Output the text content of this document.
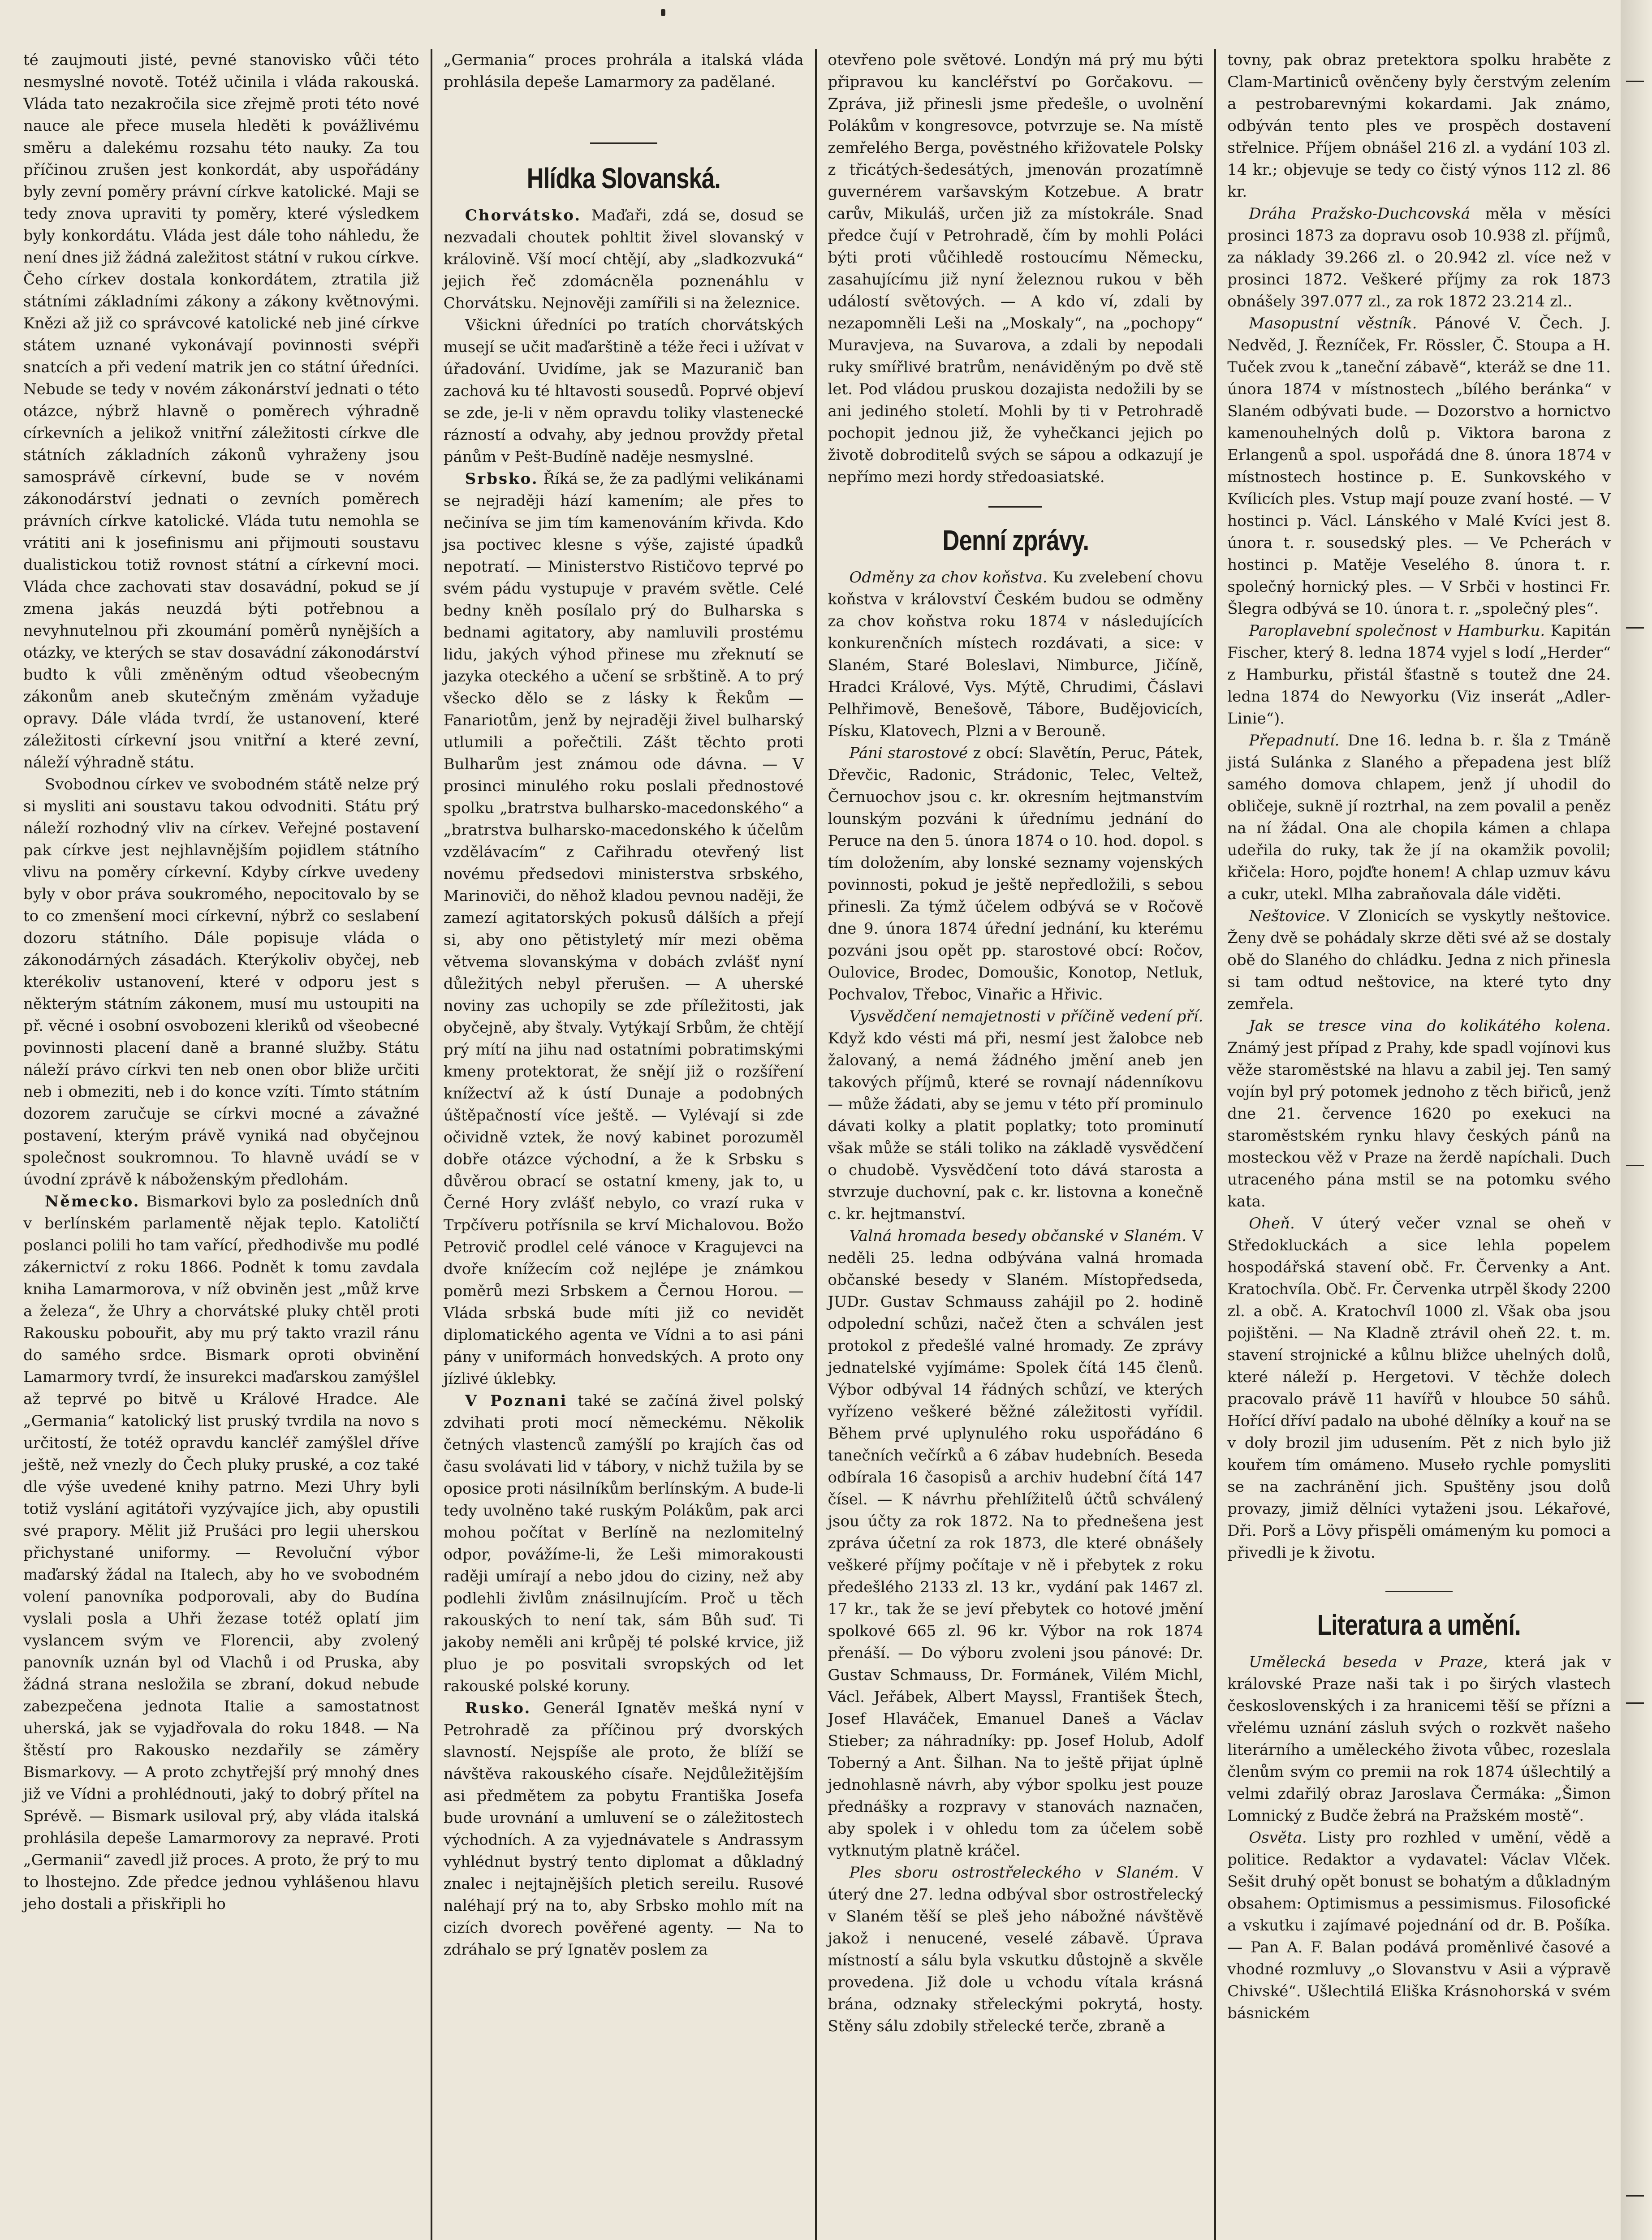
té zaujmouti jisté, pevné stanovisko vůči této nesmyslné novotě. Totéž učinila i vláda rakouská. Vláda tato nezakročila sice zřejmě proti této nové nauce ale přece musela hleděti k povážlivému směru a dalekému rozsahu této nauky. Za tou příčinou zrušen jest konkordát, aby uspořádány byly zevní poměry právní církve katolické. Maji se tedy znova upraviti ty poměry, které výsledkem byly konkordátu. Vláda jest dále toho náhledu, že není dnes již žádná zaležitost státní v rukou církve. Čeho církev dostala konkordátem, ztratila již státními základními zákony a zákony květnovými. Knězi až již co správcové katolické neb jiné církve státem uznané vykonávají povinnosti svépři snatcích a při vedení matrik jen co státní úředníci. Nebude se tedy v novém zákonárství jednati o této otázce, nýbrž hlavně o poměrech výhradně církevních a jelikož vnitřní záležitosti církve dle státních základních zákonů vyhraženy jsou samosprávě církevní, bude se v novém zákonodárství jednati o zevních poměrech právních církve katolické. Vláda tutu nemohla se vrátiti ani k josefinismu ani přijmouti soustavu dualistickou totiž rovnost státní a církevní moci. Vláda chce zachovati stav dosavádní, pokud se jí zmena jakás neuzdá býti potřebnou a nevyhnutelnou při zkoumání poměrů nynějších a otázky, ve kterých se stav dosavádní zákonodárství budto k vůli změněným odtud všeobecným zákonům aneb skutečným změnám vyžaduje opravy. Dále vláda tvrdí, že ustanovení, které záležitosti církevní jsou vnitřní a které zevní, náleží výhradně státu.

Svobodnou církev ve svobodném státě nelze prý si mysliti ani soustavu takou odvodniti. Státu prý náleží rozhodný vliv na církev. Veřejné postavení pak církve jest nejhlavnějším pojidlem státního vlivu na poměry církevní. Kdyby církve uvedeny byly v obor práva soukromého, nepocitovalo by se to co zmenšení moci církevní, nýbrž co seslabení dozoru státního. Dále popisuje vláda o zákonodárných zásadách. Kterýkoliv obyčej, neb kterékoliv ustanovení, které v odporu jest s některým státním zákonem, musí mu ustoupiti na př. věcné i osobní osvobozeni kleriků od všeobecné povinnosti placení daně a branné služby. Státu náleží právo církvi ten neb onen obor bliže určiti neb i obmeziti, neb i do konce vzíti. Tímto státním dozorem zaručuje se církvi mocné a závažné postavení, kterým právě vyniká nad obyčejnou společnost soukromnou. To hlavně uvádí se v úvodní zprávě k náboženským předlohám.

Německo. Bismarkovi bylo za posledních dnů v berlínském parlamentě nějak teplo. Katoličtí poslanci polili ho tam vařící, předhodivše mu podlé zákernictví z roku 1866. Podnět k tomu zavdala kniha Lamarmorova, v níž obviněn jest „můž krve a železa“, že Uhry a chorvátské pluky chtěl proti Rakousku pobouřit, aby mu prý takto vrazil ránu do samého srdce. Bismark oproti obvinění Lamarmory tvrdí, že insurekci maďarskou zamýšlel až teprvé po bitvě u Králové Hradce. Ale „Germania“ katolický list pruský tvrdila na novo s určitostí, že totéž opravdu kancléř zamýšlel dříve ještě, než vnezly do Čech pluky pruské, a coz také dle výše uvedené knihy patrno. Mezi Uhry byli totiž vyslání agitátoři vyzývajíce jich, aby opustili své prapory. Mělit již Prušáci pro legii uherskou přichystané uniformy. — Revoluční výbor maďarský žádal na Italech, aby ho ve svobodném volení panovníka podporovali, aby do Budína vyslali posla a Uhři žezase totéž oplatí jim vyslancem svým ve Florencii, aby zvolený panovník uznán byl od Vlachů i od Pruska, aby žádná strana nesložila se zbraní, dokud nebude zabezpečena jednota Italie a samostatnost uherská, jak se vyjadřovala do roku 1848. — Na štěstí pro Rakousko nezdařily se záměry Bismarkovy. — A proto zchytřejší prý mnohý dnes již ve Vídni a prohlédnouti, jaký to dobrý přítel na Sprévě. — Bismark usiloval prý, aby vláda italská prohlásila depeše Lamarmorovy za nepravé. Proti „Germanii“ zavedl již proces. A proto, že prý to mu to lhostejno. Zde předce jednou vyhlášenou hlavu jeho dostali a přiskřipli ho

„Germania“ proces prohrála a italská vláda prohlásila depeše Lamarmory za padělané.

Hlídka Slovanská.

Chorvátsko. Maďaři, zdá se, dosud se nezvadali choutek pohltit živel slovanský v královině. Vší mocí chtějí, aby „sladkozvuká“ jejich řeč zdomácněla poznenáhlu v Chorvátsku. Nejnověji zamířili si na železnice.

Všickni úředníci po tratích chorvátských musejí se učit maďarštině a téže řeci i užívat v úřadování. Uvidíme, jak se Mazuranič ban zachová ku té hltavosti sousedů. Poprvé objeví se zde, je-li v něm opravdu toliky vlastenecké rázností a odvahy, aby jednou provždy přetal pánům v Pešt-Budíně naděje nesmyslné.

Srbsko. Říká se, že za padlými velikánami se nejraději hází kamením; ale přes to nečiníva se jim tím kamenováním křivda. Kdo jsa poctivec klesne s výše, zajisté úpadků nepotratí. — Ministerstvo Rističovo teprvé po svém pádu vystupuje v pravém světle. Celé bedny kněh posílalo prý do Bulharska s bednami agitatory, aby namluvili prostému lidu, jakých výhod přinese mu zřeknutí se jazyka oteckého a učení se srbštině. A to prý všecko dělo se z lásky k Řekům — Fanariotům, jenž by nejraději živel bulharský utlumili a pořečtili. Zášt těchto proti Bulharům jest známou ode dávna. — V prosinci minulého roku poslali přednostové spolku „bratrstva bulharsko-macedonského“ a „bratrstva bulharsko-macedonského k účelům vzdělávacím“ z Cařihradu otevřený list novému předsedovi ministerstva srbského, Marinoviči, do něhož kladou pevnou naději, že zamezí agitatorských pokusů dálších a přejí si, aby ono pětistyletý mír mezi oběma větvema slovanskýma v dobách zvlášť nyní důležitých nebyl přerušen. — A uherské noviny zas uchopily se zde příležitosti, jak obyčejně, aby štvaly. Vytýkají Srbům, že chtějí prý mítí na jihu nad ostatními pobratimskými kmeny protektorat, že snějí již o rozšíření knížectví až k ústí Dunaje a podobných úštěpačností více ještě. — Vylévají si zde očividně vztek, že nový kabinet porozuměl dobře otázce východní, a že k Srbsku s důvěrou obrací se ostatní kmeny, jak to, u Černé Hory zvlášť nebylo, co vrazí ruka v Trpčíveru potřísnila se krví Michalovou. Božo Petrovič prodlel celé vánoce v Kragujevci na dvoře knížecím což nejlépe je známkou poměrů mezi Srbskem a Černou Horou. — Vláda srbská bude míti již co nevidět diplomatického agenta ve Vídni a to asi páni pány v uniformách honvedských. A proto ony jízlivé úklebky.

V Poznani také se začíná živel polský zdvihati proti mocí německému. Několik četných vlastenců zamýšlí po krajích čas od času svolávati lid v tábory, v nichž tužila by se oposice proti násilníkům berlínským. A bude-li tedy uvolněno také ruským Polákům, pak arci mohou počítat v Berlíně na nezlomitelný odpor, povážíme-li, že Leši mimorakousti raději umírají a nebo jdou do ciziny, než aby podlehli živlům znásilnujícím. Proč u těch rakouských to není tak, sám Bůh suď. Ti jakoby neměli ani krůpěj té polské krvice, již pluo je po posvitali svropských od let rakouské polské koruny.

Rusko. Generál Ignatěv mešká nyní v Petrohradě za příčinou prý dvorských slavností. Nejspíše ale proto, že blíží se návštěva rakouského císaře. Nejdůležitějším asi předmětem za pobytu Františka Josefa bude urovnání a umluvení se o záležitostech východních. A za vyjednávatele s Andrassym vyhlédnut bystrý tento diplomat a důkladný znalec i nejtajnějších pletich sereilu. Rusové naléhají prý na to, aby Srbsko mohlo mít na cizích dvorech pověřené agenty. — Na to zdráhalo se prý Ignatěv poslem za

otevřeno pole světové. Londýn má prý mu býti připravou ku kancléřství po Gorčakovu. — Zpráva, již přinesli jsme předešle, o uvolnění Polákům v kongresovce, potvrzuje se. Na místě zemřelého Berga, pověstného křižovatele Polsky z třicátých-šedesátých, jmenován prozatímně guvernérem varšavským Kotzebue. A bratr carův, Mikuláš, určen již za místokrále. Snad předce čují v Petrohradě, čím by mohli Poláci býti proti vůčihledě rostoucímu Německu, zasahujícímu již nyní železnou rukou v běh událostí světových. — A kdo ví, zdali by nezapomněli Leši na „Moskaly“, na „pochopy“ Muravjeva, na Suvarova, a zdali by nepodali ruky smířlivé bratrům, nenáviděným po dvě stě let. Pod vládou pruskou dozajista nedožili by se ani jediného století. Mohli by ti v Petrohradě pochopit jednou již, že vyhečkanci jejich po životě dobroditelů svých se sápou a odkazují je nepřímo mezi hordy středoasiatské.

Denní zprávy.

Odměny za chov koňstva. Ku zvelebení chovu koňstva v království Českém budou se odměny za chov koňstva roku 1874 v následujících konkurenčních místech rozdávati, a sice: v Slaném, Staré Boleslavi, Nimburce, Jičíně, Hradci Králové, Vys. Mýtě, Chrudimi, Čáslavi Pelhřimově, Benešově, Tábore, Budějovicích, Písku, Klatovech, Plzni a v Berouně.

Páni starostové z obcí: Slavětín, Peruc, Pátek, Dřevčic, Radonic, Strádonic, Telec, Veltež, Černuochov jsou c. kr. okresním hejtmanstvím lounským pozváni k úřednímu jednání do Peruce na den 5. února 1874 o 10. hod. dopol. s tím doložením, aby lonské seznamy vojenských povinnosti, pokud je ještě nepředložili, s sebou přinesli. Za týmž účelem odbývá se v Ročově dne 9. února 1874 úřední jednání, ku kterému pozváni jsou opět pp. starostové obcí: Ročov, Oulovice, Brodec, Domoušic, Konotop, Netluk, Pochvalov, Třeboc, Vinařic a Hřivic.

Vysvědčení nemajetnosti v příčině vedení pří. Když kdo vésti má při, nesmí jest žalobce neb žalovaný, a nemá žádného jmění aneb jen takových příjmů, které se rovnají nádenníkovu — může žádati, aby se jemu v této pří prominulo dávati kolky a platit poplatky; toto prominutí však může se stáli toliko na základě vysvědčení o chudobě. Vysvědčení toto dává starosta a stvrzuje duchovní, pak c. kr. listovna a konečně c. kr. hejtmanství.

Valná hromada besedy občanské v Slaném. V neděli 25. ledna odbývána valná hromada občanské besedy v Slaném. Místopředseda, JUDr. Gustav Schmauss zahájil po 2. hodině odpolední schůzi, načež čten a schválen jest protokol z předešlé valné hromady. Ze zprávy jednatelské vyjímáme: Spolek čítá 145 členů. Výbor odbýval 14 řádných schůzí, ve kterých vyřízeno veškeré běžné záležitosti vyřídil. Během prvé uplynulého roku uspořádáno 6 tanečních večírků a 6 zábav hudebních. Beseda odbírala 16 časopisů a archiv hudební čítá 147 čísel. — K návrhu přehlížitelů účtů schválený jsou účty za rok 1872. Na to přednešena jest zpráva účetní za rok 1873, dle které obnášely veškeré příjmy počítaje v ně i přebytek z roku předešlého 2133 zl. 13 kr., vydání pak 1467 zl. 17 kr., tak že se jeví přebytek co hotové jmění spolkové 665 zl. 96 kr. Výbor na rok 1874 přenáší. — Do výboru zvoleni jsou pánové: Dr. Gustav Schmauss, Dr. Formánek, Vilém Michl, Václ. Jeřábek, Albert Mayssl, František Štech, Josef Hlaváček, Emanuel Daneš a Václav Stieber; za náhradníky: pp. Josef Holub, Adolf Toberný a Ant. Šilhan. Na to ještě přijat úplně jednohlasně návrh, aby výbor spolku jest pouze přednášky a rozpravy v stanovách naznačen, aby spolek i v ohledu tom za účelem sobě vytknutým platně kráčel.

Ples sboru ostrostřeleckého v Slaném. V úterý dne 27. ledna odbýval sbor ostrostřelecký v Slaném těší se pleš jeho nábožné návštěvě jakož i nenucené, veselé zábavě. Úprava místností a sálu byla vskutku důstojně a skvěle provedena. Již dole u vchodu vítala krásná brána, odznaky střeleckými pokrytá, hosty. Stěny sálu zdobily střelecké terče, zbraně a

tovny, pak obraz pretektora spolku hraběte z Clam-Martiniců ověnčeny byly čerstvým zelením a pestrobarevnými kokardami. Jak známo, odbýván tento ples ve prospěch dostavení střelnice. Příjem obnášel 216 zl. a vydání 103 zl. 14 kr.; objevuje se tedy co čistý výnos 112 zl. 86 kr.

Dráha Pražsko-Duchcovská měla v měsíci prosinci 1873 za dopravu osob 10.938 zl. příjmů, za náklady 39.266 zl. o 20.942 zl. více než v prosinci 1872. Veškeré příjmy za rok 1873 obnášely 397.077 zl., za rok 1872 23.214 zl..

Masopustní věstník. Pánové V. Čech. J. Nedvěd, J. Řezníček, Fr. Rössler, Č. Stoupa a H. Tuček zvou k „taneční zábavě“, kteráž se dne 11. února 1874 v místnostech „bílého beránka“ v Slaném odbývati bude. — Dozorstvo a hornictvo kamenouhelných dolů p. Viktora barona z Erlangenů a spol. uspořádá dne 8. února 1874 v místnostech hostince p. E. Sunkovského v Kvílicích ples. Vstup mají pouze zvaní hosté. — V hostinci p. Václ. Lánského v Malé Kvíci jest 8. února t. r. sousedský ples. — Ve Pcherách v hostinci p. Matěje Veselého 8. února t. r. společný hornický ples. — V Srbči v hostinci Fr. Šlegra odbývá se 10. února t. r. „společný ples“.

Paroplavební společnost v Hamburku. Kapitán Fischer, který 8. ledna 1874 vyjel s lodí „Herder“ z Hamburku, přistál šťastně s toutež dne 24. ledna 1874 do Newyorku (Viz inserát „Adler-Linie“).

Přepadnutí. Dne 16. ledna b. r. šla z Tmáně jistá Sulánka z Slaného a přepadena jest blíž samého domova chlapem, jenž jí uhodil do obličeje, suknё jí roztrhal, na zem povalil a peněz na ní žádal. Ona ale chopila kámen a chlapa udeřila do ruky, tak že jí na okamžik povolil; křičela: Horo, pojďte honem! A chlap uzmuv kávu a cukr, utekl. Mlha zabraňovala dále viděti.

Neštovice. V Zlonicích se vyskytly neštovice. Ženy dvě se pohádaly skrze děti své až se dostaly obě do Slaného do chládku. Jedna z nich přinesla si tam odtud neštovice, na které tyto dny zemřela.

Jak se tresce vina do kolikátého kolena. Známý jest případ z Prahy, kde spadl vojínovi kus věže staroměstské na hlavu a zabil jej. Ten samý vojín byl prý potomek jednoho z těch biřiců, jenž dne 21. července 1620 po exekuci na staroměstském rynku hlavy českých pánů na mosteckou věž v Praze na žerdě napíchali. Duch utraceného pána mstil se na potomku svého kata.

Oheň. V úterý večer vznal se oheň v Středokluckách a sice lehla popelem hospodářská stavení obč. Fr. Červenky a Ant. Kratochvíla. Obč. Fr. Červenka utrpěl škody 2200 zl. a obč. A. Kratochvíl 1000 zl. Však oba jsou pojištěni. — Na Kladně ztrávil oheň 22. t. m. stavení strojnické a kůlnu bližce uhelných dolů, které náleží p. Hergetovi. V těchže dolech pracovalo právě 11 havířů v hloubce 50 sáhů. Hořící dříví padalo na ubohé dělníky a kouř na se v doly brozil jim udusením. Pět z nich bylo již kouřem tím omámeno. Museło rychle pomysliti se na zachránění jich. Spuštěny jsou dolů provazy, jimiž dělníci vytaženi jsou. Lékařové, Dři. Porš a Lövy přispěli omámeným ku pomoci a přivedli je k životu.

Literatura a umění.

Umělecká beseda v Praze, která jak v královské Praze naši tak i po širých vlastech československých i za hranicemi těší se přízni a vřelému uznání zásluh svých o rozkvět našeho literárního a uměleckého života vůbec, rozeslala členům svým co premii na rok 1874 úšlechtilý a velmi zdařilý obraz Jaroslava Čermáka: „Šimon Lomnický z Budče žebrá na Pražském mostě“.

Osvěta. Listy pro rozhled v umění, vědě a politice. Redaktor a vydavatel: Václav Vlček. Sešit druhý opět bonust se bohatým a důkladným obsahem: Optimismus a pessimismus. Filosofické a vskutku i zajímavé pojednání od dr. B. Pošíka. — Pan A. F. Balan podává proměnlivé časové a vhodné rozmluvy „o Slovanstvu v Asii a výpravě Chivské“. Ušlechtilá Eliška Krásnohorská v svém básnickém
